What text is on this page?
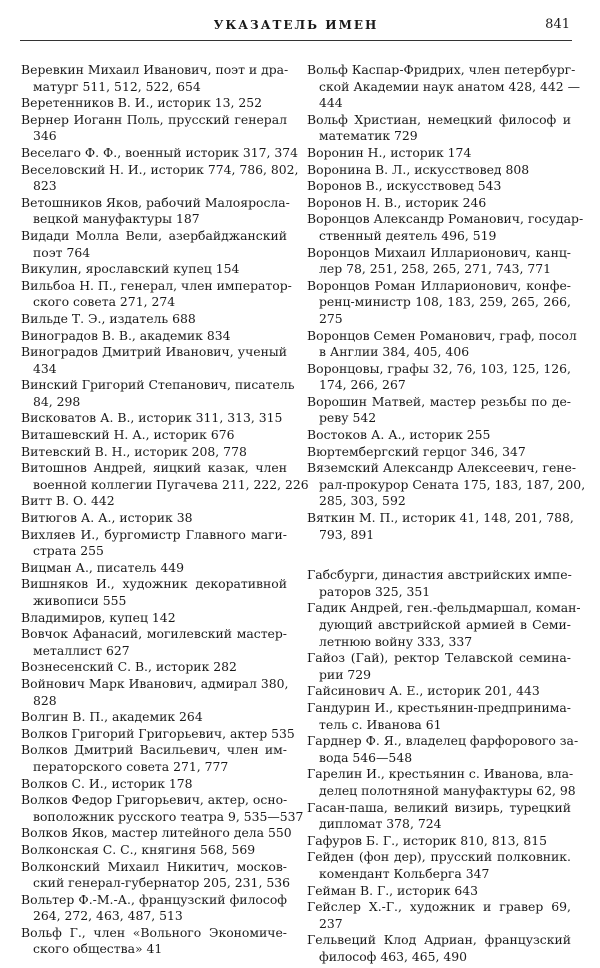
УКАЗАТЕЛЬ ИМЕН	841
Веревкин Михаил Иванович, поэт и дра-
матург 511, 512, 522, 654
Веретенников В. И., историк 13, 252
Вернер Иоганн Поль, прусский генерал
346
Веселаго Ф. Ф., военный историк 317, 374
Веселовский Н. И., историк 774, 786, 802,
823
Ветошников Яков, рабочий Малояросла-
вецкой мануфактуры 187
Видади Молла Вели, азербайджанский
поэт 764
Викулин, ярославский купец 154
Вильбоа Н. П., генерал, член император-
ского совета 271, 274
Вильде Т. Э., издатель 688
Виноградов В. В., академик 834
Виноградов Дмитрий Иванович, ученый
434
Винский Григорий Степанович, писатель
84, 298
Висковатов А. В., историк 311, 313, 315
Виташевский Н. А., историк 676
Витевский В. Н., историк 208, 778
Витошнов Андрей, яицкий казак, член
военной коллегии Пугачева 211, 222, 226
Витт В. О. 442
Витюгов А. А., историк 38
Вихляев И., бургомистр Главного маги-
страта 255
Вицман А., писатель 449
Вишняков И., художник декоративной
живописи 555
Владимиров, купец 142
Вовчок Афанасий, могилевский мастер-
металлист 627
Вознесенский С. В., историк 282
Войнович Марк Иванович, адмирал 380,
828
Волгин В. П., академик 264
Волков Григорий Григорьевич, актер 535
Волков Дмитрий Васильевич, член им-
ператорского совета 271, 777
Волков С. И., историк 178
Волков Федор Григорьевич, актер, осно-
воположник русского театра 9, 535—537
Волков Яков, мастер литейного дела 550
Волконская С. С., княгиня 568, 569
Волконский Михаил Никитич, москов-
ский генерал-губернатор 205, 231, 536
Вольтер Ф.-М.-А., французский философ
264, 272, 463, 487, 513
Вольф Г., член «Вольного Экономиче-
ского общества» 41
Вольф Каспар-Фридрих, член петербург-
ской Академии наук анатом 428, 442 —
444
Вольф Христиан, немецкий философ и
математик 729
Воронин Н., историк 174
Воронина В. Л., искусствовед 808
Воронов В., искусствовед 543
Воронов Н. В., историк 246
Воронцов Александр Романович, государ-
ственный деятель 496, 519
Воронцов Михаил Илларионович, канц-
лер 78, 251, 258, 265, 271, 743, 771
Воронцов Роман Илларионович, конфе-
ренц-министр 108, 183, 259, 265, 266,
275
Воронцов Семен Романович, граф, посол
в Англии 384, 405, 406
Воронцовы, графы 32, 76, 103, 125, 126,
174, 266, 267
Ворошин Матвей, мастер резьбы по де-
реву 542
Востоков А. А., историк 255
Вюртембергский герцог 346, 347
Вяземский Александр Алексеевич, гене-
рал-прокурор Сената 175, 183, 187, 200,
285, 303, 592
Вяткин М. П., историк 41, 148, 201, 788,
793, 891
Габсбурги, династия австрийских импе-
раторов 325, 351
Гадик Андрей, ген.-фельдмаршал, коман-
дующий австрийской армией в Семи-
летнюю войну 333, 337
Гайоз (Гай), ректор Телавской семина-
рии 729
Гайсинович А. Е., историк 201, 443
Гандурин И., крестьянин-предпринима-
тель с. Иванова 61
Гарднер Ф. Я., владелец фарфорового за-
вода 546—548
Гарелин И., крестьянин с. Иванова, вла-
делец полотняной мануфактуры 62, 98
Гасан-паша, великий визирь, турецкий
дипломат 378, 724
Гафуров Б. Г., историк 810, 813, 815
Гейден (фон дер), прусский полковник.
комендант Кольберга 347
Гейман В. Г., историк 643
Гейслер Х.-Г., художник и гравер 69,
237
Гельвеций Клод Адриан, французский
философ 463, 465, 490
